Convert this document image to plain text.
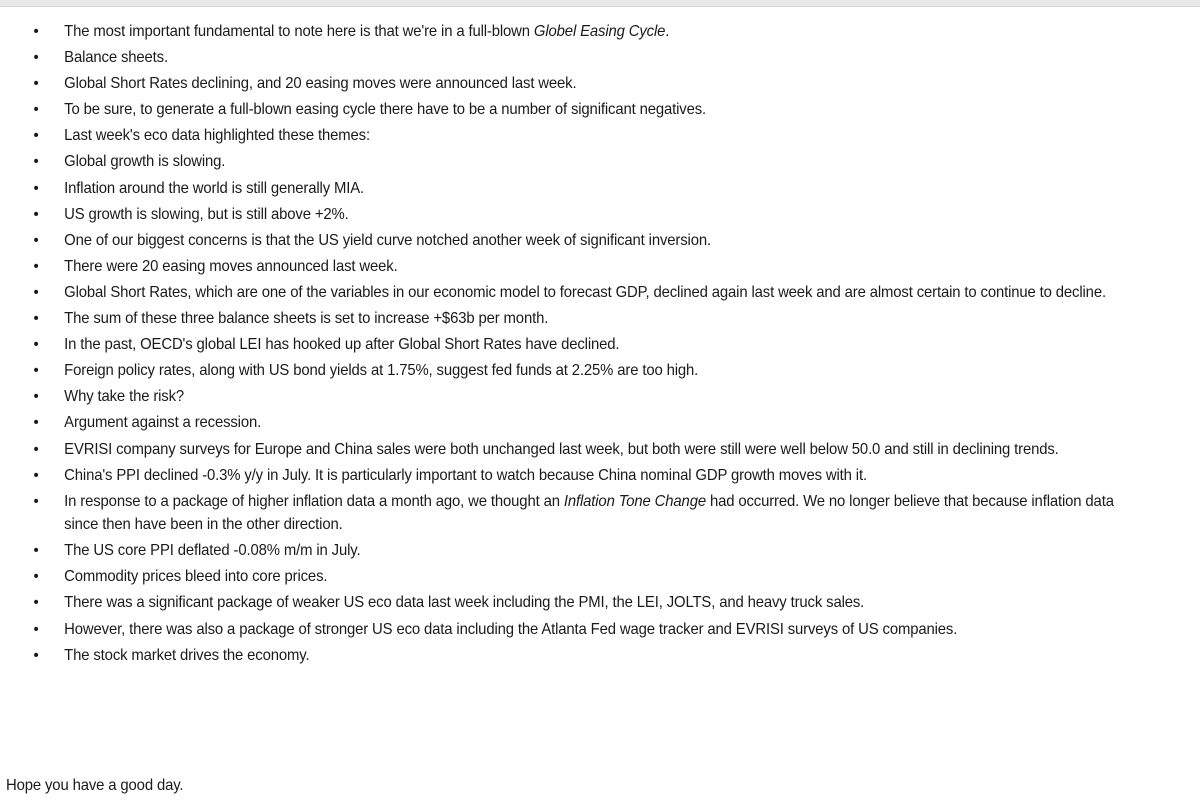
• The most important fundamental to note here is that we're in a full-blown Globel Easing Cycle.
• Balance sheets.
• Global Short Rates declining, and 20 easing moves were announced last week.
• To be sure, to generate a full-blown easing cycle there have to be a number of significant negatives.
• Last week's eco data highlighted these themes:
• Global growth is slowing.
• Inflation around the world is still generally MIA.
• US growth is slowing, but is still above +2%.
• One of our biggest concerns is that the US yield curve notched another week of significant inversion.
• There were 20 easing moves announced last week.
• Global Short Rates, which are one of the variables in our economic model to forecast GDP, declined again last week and are almost certain to continue to decline.
• The sum of these three balance sheets is set to increase +$63b per month.
• In the past, OECD's global LEI has hooked up after Global Short Rates have declined.
• Foreign policy rates, along with US bond yields at 1.75%, suggest fed funds at 2.25% are too high.
• Why take the risk?
• Argument against a recession.
• EVRISI company surveys for Europe and China sales were both unchanged last week, but both were still were well below 50.0 and still in declining trends.
• China's PPI declined -0.3% y/y in July. It is particularly important to watch because China nominal GDP growth moves with it.
• In response to a package of higher inflation data a month ago, we thought an Inflation Tone Change had occurred. We no longer believe that because inflation data since then have been in the other direction.
• The US core PPI deflated -0.08% m/m in July.
• Commodity prices bleed into core prices.
• There was a significant package of weaker US eco data last week including the PMI, the LEI, JOLTS, and heavy truck sales.
• However, there was also a package of stronger US eco data including the Atlanta Fed wage tracker and EVRISI surveys of US companies.
• The stock market drives the economy.

Hope you have a good day.
